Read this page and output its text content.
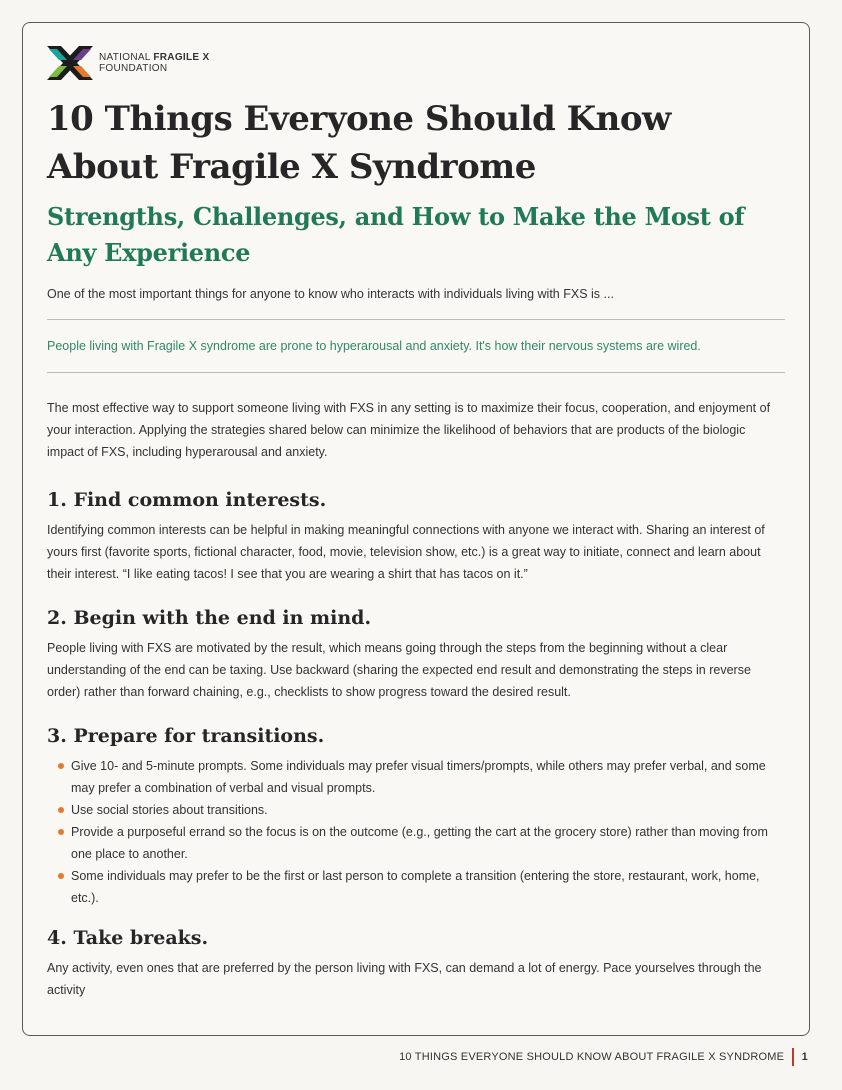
NATIONAL FRAGILE X
FOUNDATION
10 Things Everyone Should Know About Fragile X Syndrome
Strengths, Challenges, and How to Make the Most of Any Experience

One of the most important things for anyone to know who interacts with individuals living with FXS is ...

People living with Fragile X syndrome are prone to hyperarousal and anxiety. It's how their nervous systems are wired.

The most effective way to support someone living with FXS in any setting is to maximize their focus, cooperation, and enjoyment of your interaction. Applying the strategies shared below can minimize the likelihood of behaviors that are products of the biologic impact of FXS, including hyperarousal and anxiety.

1. Find common interests.

Identifying common interests can be helpful in making meaningful connections with anyone we interact with. Sharing an interest of yours first (favorite sports, fictional character, food, movie, television show, etc.) is a great way to initiate, connect and learn about their interest. “I like eating tacos! I see that you are wearing a shirt that has tacos on it.”

2. Begin with the end in mind.

People living with FXS are motivated by the result, which means going through the steps from the beginning without a clear understanding of the end can be taxing. Use backward (sharing the expected end result and demonstrating the steps in reverse order) rather than forward chaining, e.g., checklists to show progress toward the desired result.

3. Prepare for transitions.
Give 10- and 5-minute prompts. Some individuals may prefer visual timers/prompts, while others may prefer verbal, and some may prefer a combination of verbal and visual prompts.
Use social stories about transitions.
Provide a purposeful errand so the focus is on the outcome (e.g., getting the cart at the grocery store) rather than moving from one place to another.
Some individuals may prefer to be the first or last person to complete a transition (entering the store, restaurant, work, home, etc.).
4. Take breaks.

Any activity, even ones that are preferred by the person living with FXS, can demand a lot of energy. Pace yourselves through the activity

10 THINGS EVERYONE SHOULD KNOW ABOUT FRAGILE X SYNDROME 1
